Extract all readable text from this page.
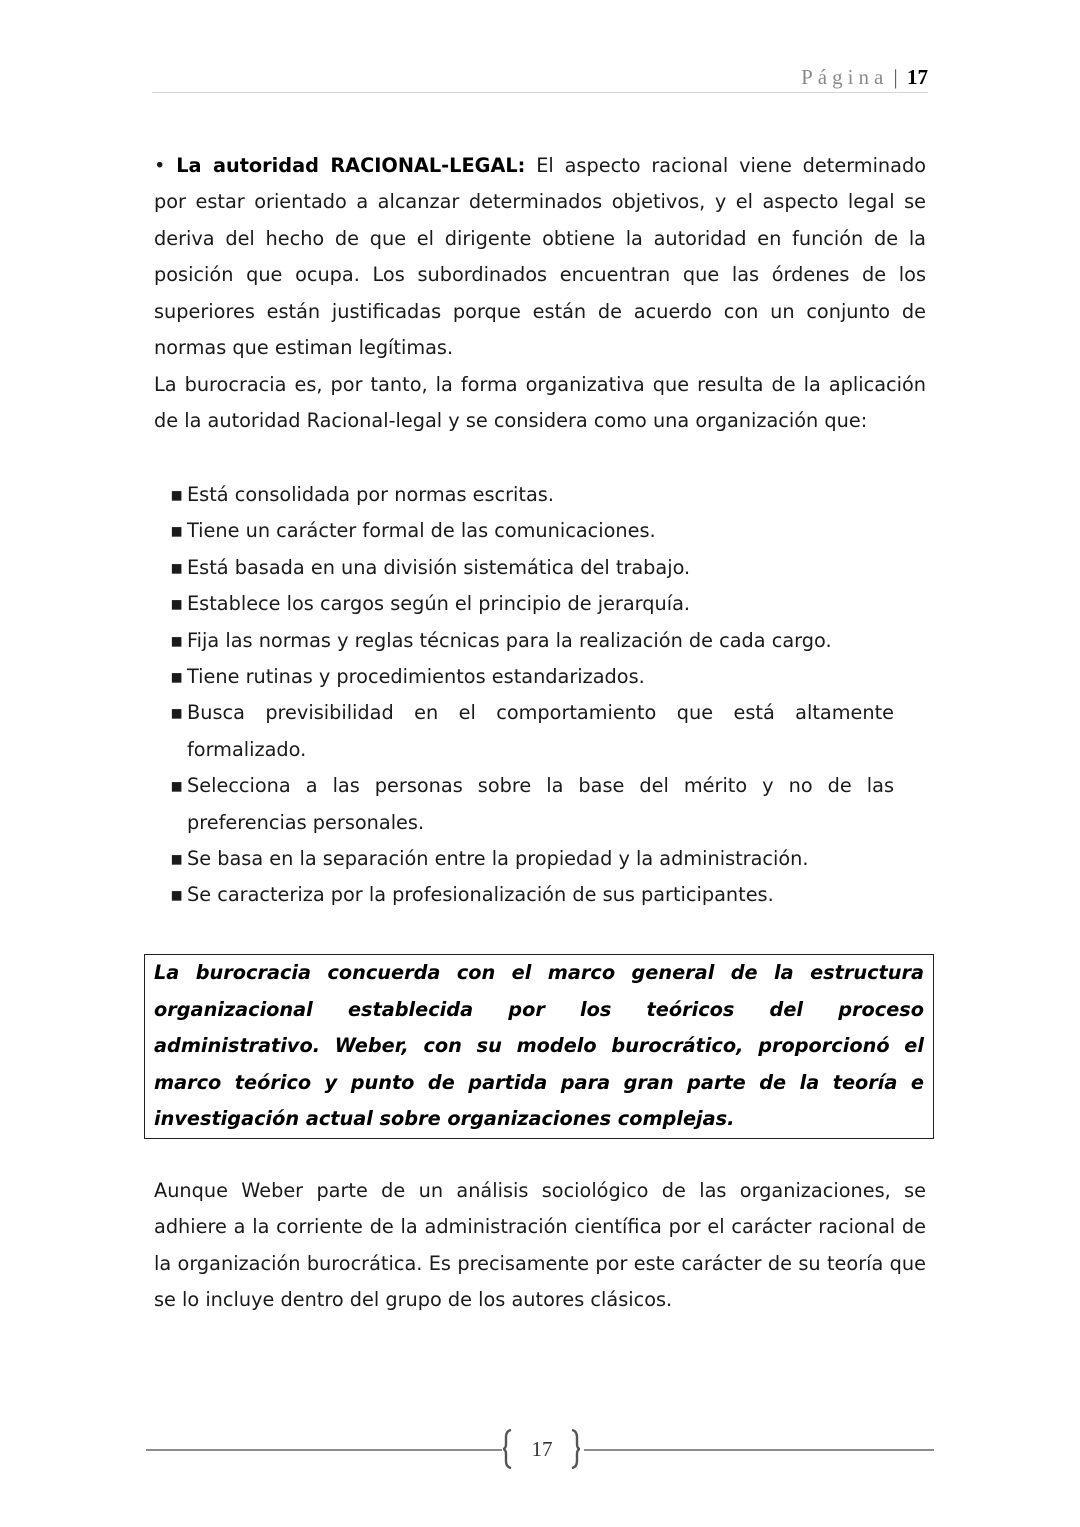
Página | 17

• La autoridad RACIONAL-LEGAL: El aspecto racional viene determinado por estar orientado a alcanzar determinados objetivos, y el aspecto legal se deriva del hecho de que el dirigente obtiene la autoridad en función de la posición que ocupa. Los subordinados encuentran que las órdenes de los superiores están justificadas porque están de acuerdo con un conjunto de normas que estiman legítimas.

La burocracia es, por tanto, la forma organizativa que resulta de la aplicación de la autoridad Racional-legal y se considera como una organización que:

▪ Está consolidada por normas escritas.
▪ Tiene un carácter formal de las comunicaciones.
▪ Está basada en una división sistemática del trabajo.
▪ Establece los cargos según el principio de jerarquía.
▪ Fija las normas y reglas técnicas para la realización de cada cargo.
▪ Tiene rutinas y procedimientos estandarizados.
▪ Busca previsibilidad en el comportamiento que está altamente formalizado.
▪ Selecciona a las personas sobre la base del mérito y no de las preferencias personales.
▪ Se basa en la separación entre la propiedad y la administración.
▪ Se caracteriza por la profesionalización de sus participantes.

La burocracia concuerda con el marco general de la estructura organizacional establecida por los teóricos del proceso administrativo. Weber, con su modelo burocrático, proporcionó el marco teórico y punto de partida para gran parte de la teoría e investigación actual sobre organizaciones complejas.

Aunque Weber parte de un análisis sociológico de las organizaciones, se adhiere a la corriente de la administración científica por el carácter racional de la organización burocrática. Es precisamente por este carácter de su teoría que se lo incluye dentro del grupo de los autores clásicos.

17
